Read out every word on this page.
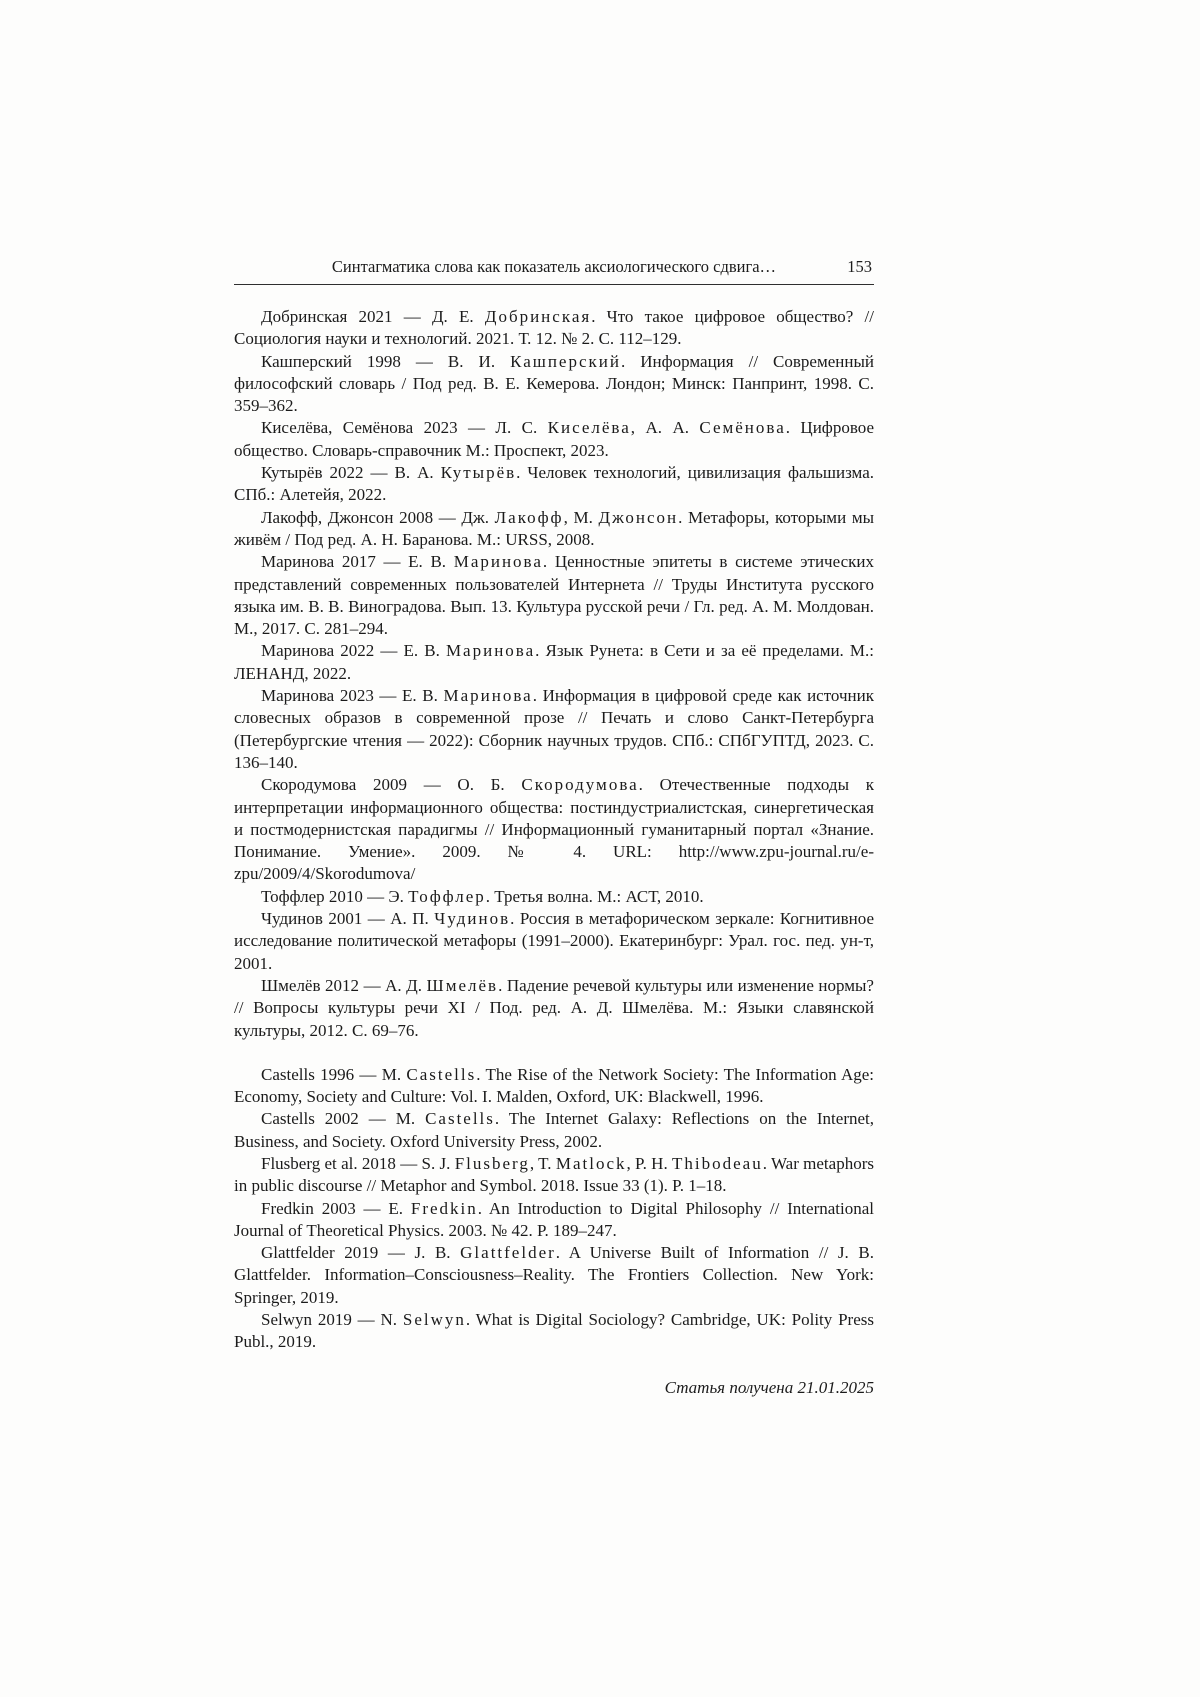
Синтагматика слова как показатель аксиологического сдвига…	153

Добринская 2021 — Д. Е. Добринская. Что такое цифровое общество? // Социология науки и технологий. 2021. Т. 12. № 2. С. 112–129.

Кашперский 1998 — В. И. Кашперский. Информация // Современный философский словарь / Под ред. В. Е. Кемерова. Лондон; Минск: Панпринт, 1998. С. 359–362.

Киселёва, Семёнова 2023 — Л. С. Киселёва, А. А. Семёнова. Цифровое общество. Словарь-справочник М.: Проспект, 2023.

Кутырёв 2022 — В. А. Кутырёв. Человек технологий, цивилизация фальшизма. СПб.: Алетейя, 2022.

Лакофф, Джонсон 2008 — Дж. Лакофф, М. Джонсон. Метафоры, которыми мы живём / Под ред. А. Н. Баранова. М.: URSS, 2008.

Маринова 2017 — Е. В. Маринова. Ценностные эпитеты в системе этических представлений современных пользователей Интернета // Труды Института русского языка им. В. В. Виноградова. Вып. 13. Культура русской речи / Гл. ред. А. М. Молдован. М., 2017. С. 281–294.

Маринова 2022 — Е. В. Маринова. Язык Рунета: в Сети и за её пределами. М.: ЛЕНАНД, 2022.

Маринова 2023 — Е. В. Маринова. Информация в цифровой среде как источник словесных образов в современной прозе // Печать и слово Санкт-Петербурга (Петербургские чтения — 2022): Сборник научных трудов. СПб.: СПбГУПТД, 2023. С. 136–140.

Скородумова 2009 — О. Б. Скородумова. Отечественные подходы к интерпретации информационного общества: постиндустриалистская, синергетическая и постмодернистская парадигмы // Информационный гуманитарный портал «Знание. Понимание. Умение». 2009. № 4. URL: http://www.zpu-journal.ru/e-zpu/2009/4/Skorodumova/

Тоффлер 2010 — Э. Тоффлер. Третья волна. М.: АСТ, 2010.

Чудинов 2001 — А. П. Чудинов. Россия в метафорическом зеркале: Когнитивное исследование политической метафоры (1991–2000). Екатеринбург: Урал. гос. пед. ун-т, 2001.

Шмелёв 2012 — А. Д. Шмелёв. Падение речевой культуры или изменение нормы? // Вопросы культуры речи XI / Под. ред. А. Д. Шмелёва. М.: Языки славянской культуры, 2012. С. 69–76.

Castells 1996 — M. Castells. The Rise of the Network Society: The Information Age: Economy, Society and Culture: Vol. I. Malden, Oxford, UK: Blackwell, 1996.

Castells 2002 — M. Castells. The Internet Galaxy: Reflections on the Internet, Business, and Society. Oxford University Press, 2002.

Flusberg et al. 2018 — S. J. Flusberg, T. Matlock, P. H. Thibodeau. War metaphors in public discourse // Metaphor and Symbol. 2018. Issue 33 (1). P. 1–18.

Fredkin 2003 — E. Fredkin. An Introduction to Digital Philosophy // International Journal of Theoretical Physics. 2003. № 42. P. 189–247.

Glattfelder 2019 — J. B. Glattfelder. A Universe Built of Information // J. B. Glattfelder. Information–Consciousness–Reality. The Frontiers Collection. New York: Springer, 2019.

Selwyn 2019 — N. Selwyn. What is Digital Sociology? Cambridge, UK: Polity Press Publ., 2019.

Статья получена 21.01.2025
